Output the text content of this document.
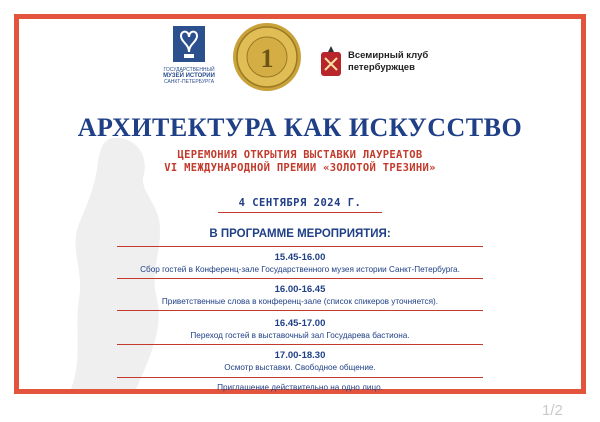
ГОСУДАРСТВЕННЫЙ
МУЗЕЙ ИСТОРИИ
САНКТ-ПЕТЕРБУРГА
1	Всемирный клуб
петербуржцев
АРХИТЕКТУРА КАК ИСКУССТВО
ЦЕРЕМОНИЯ ОТКРЫТИЯ ВЫСТАВКИ ЛАУРЕАТОВ
VI МЕЖДУНАРОДНОЙ ПРЕМИИ «ЗОЛОТОЙ ТРЕЗИНИ»
4 СЕНТЯБРЯ 2024 Г.
В ПРОГРАММЕ МЕРОПРИЯТИЯ:
15.45-16.00
Сбор гостей в Конференц-зале Государственного музея истории Санкт-Петербурга.
16.00-16.45
Приветственные слова в конференц-зале (список спикеров уточняется).
16.45-17.00
Переход гостей в выставочный зал Государева бастиона.
17.00-18.30
Осмотр выставки. Свободное общение.
Приглашение действительно на одно лицо.
1/2
